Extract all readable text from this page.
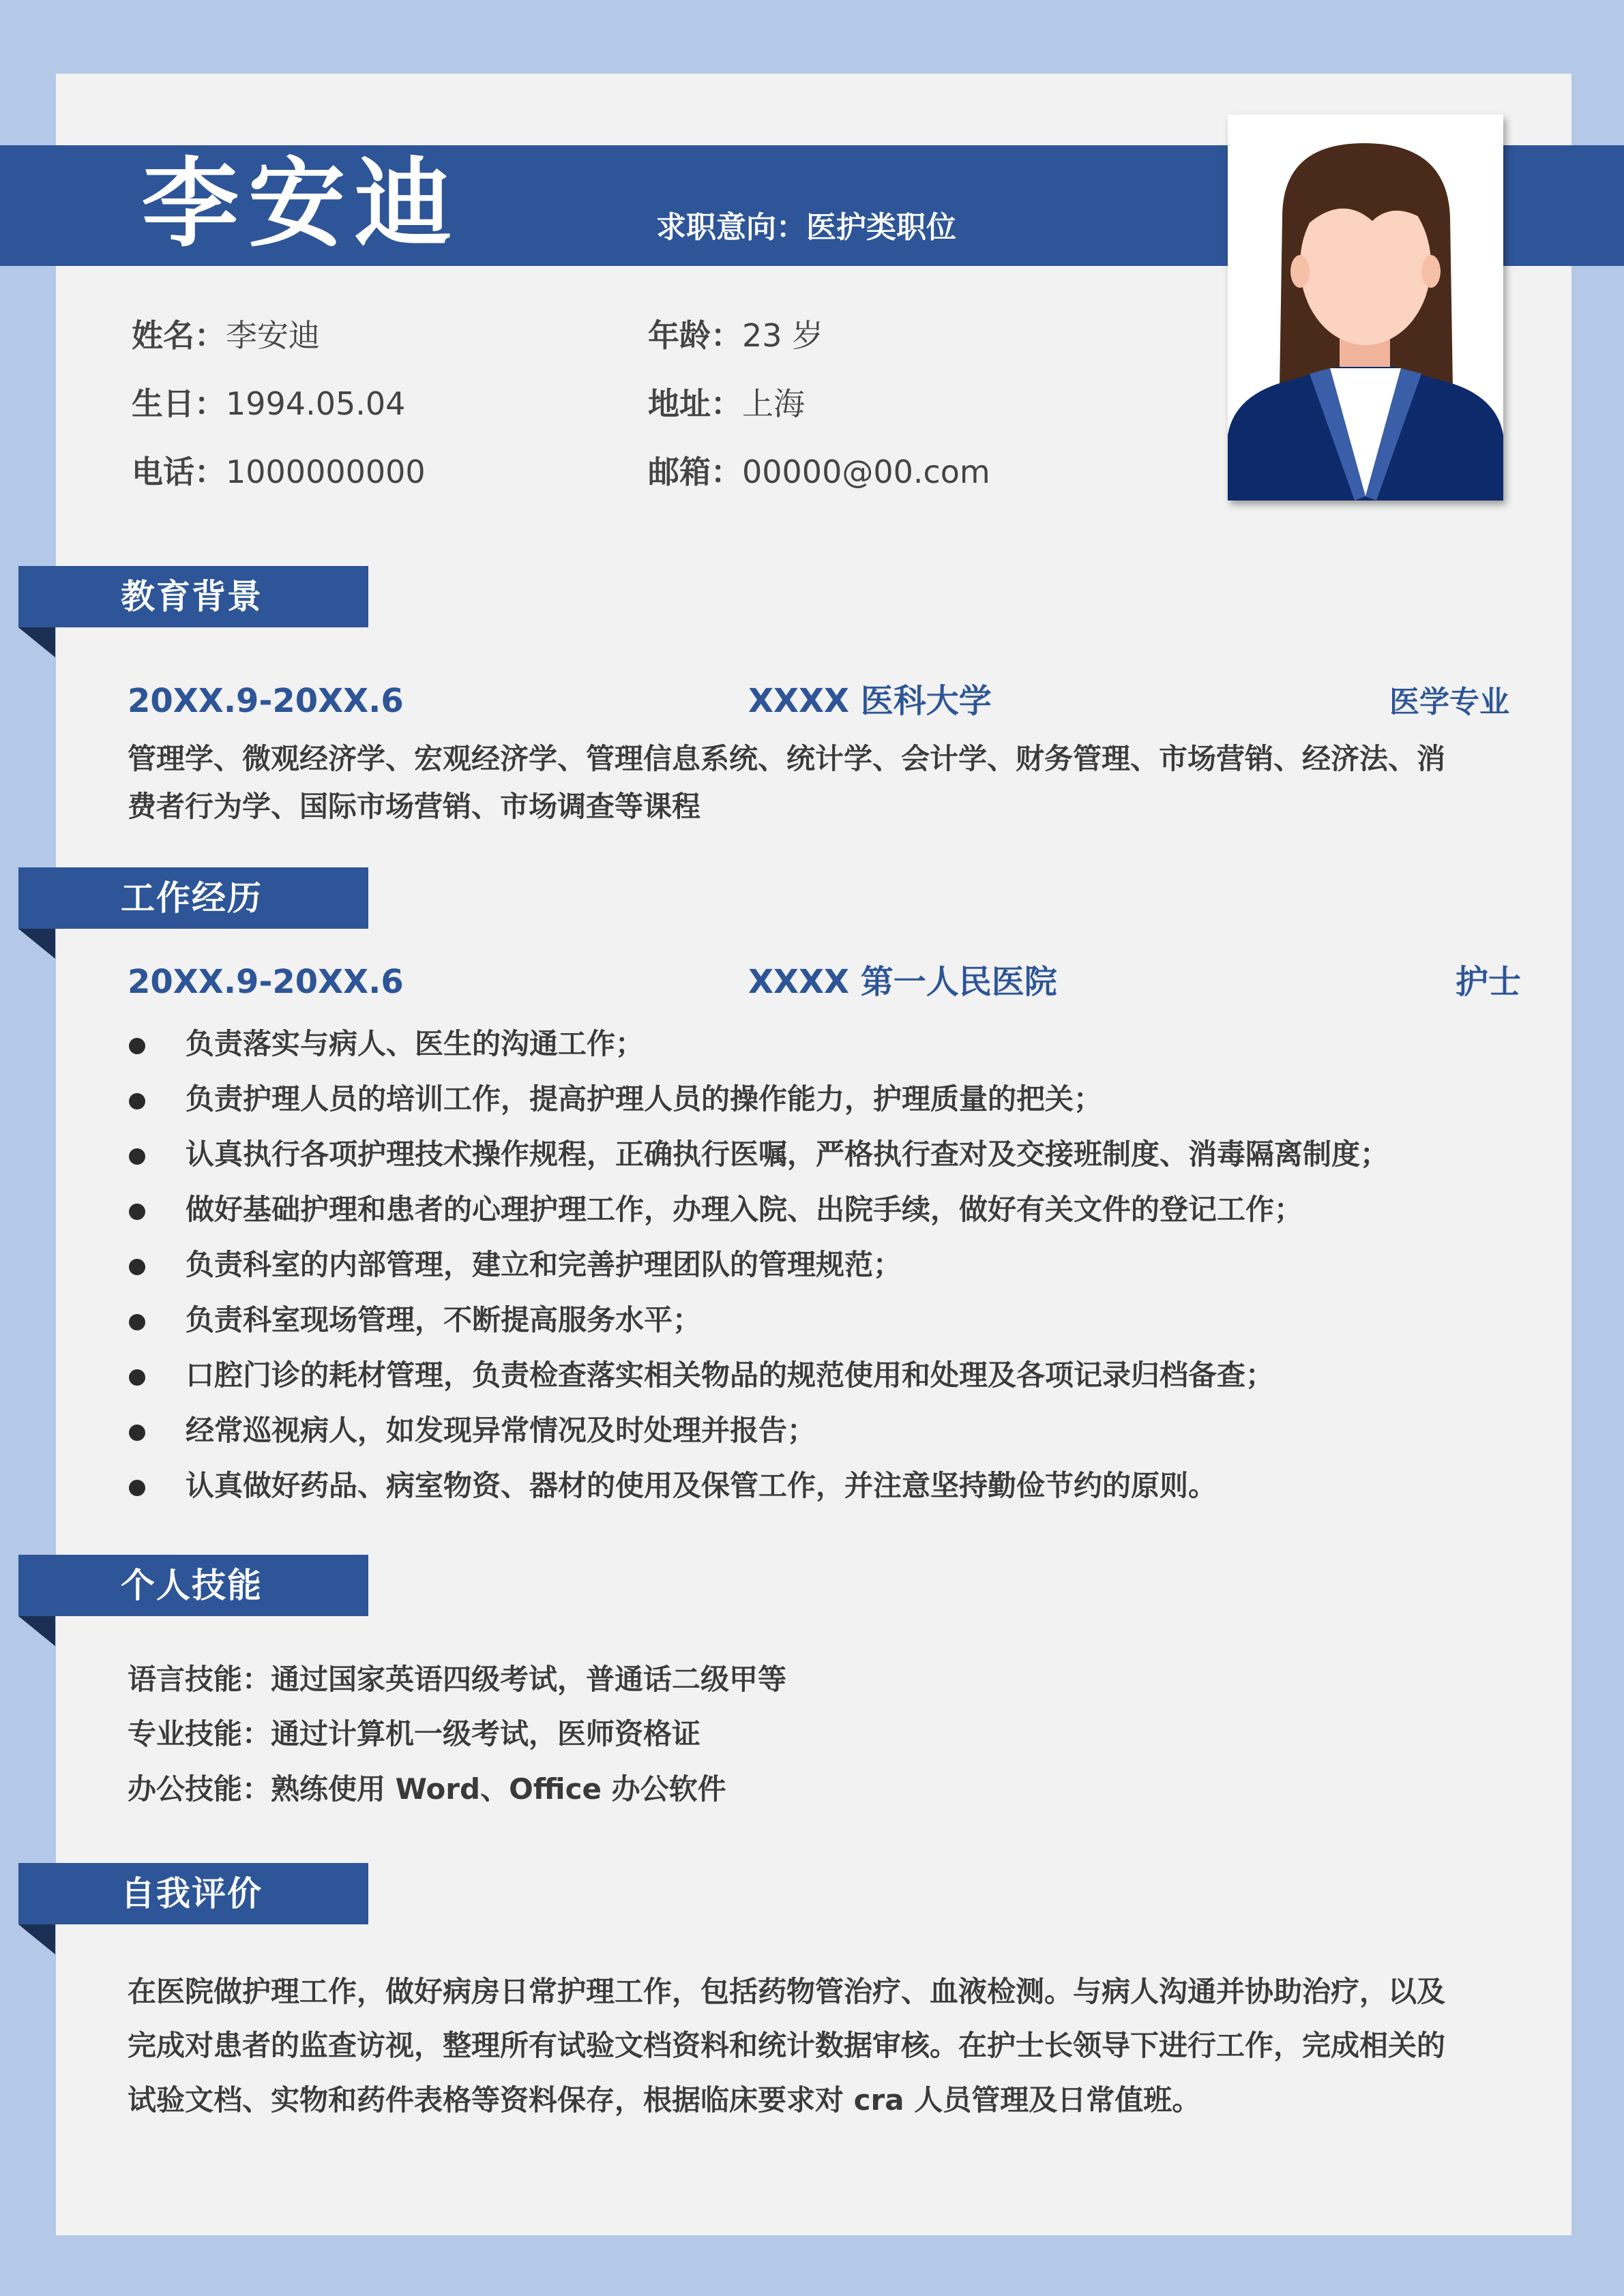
李安迪	求职意向：医护类职位
姓名：李安迪	年龄：23 岁
生日：1994.05.04	地址：上海
电话：1000000000	邮箱：00000@00.com
教育背景
20XX.9-20XX.6	XXXX 医科大学	医学专业
管理学、微观经济学、宏观经济学、管理信息系统、统计学、会计学、财务管理、市场营销、经济法、消
费者行为学、国际市场营销、市场调查等课程
工作经历
20XX.9-20XX.6	XXXX 第一人民医院	护士
负责落实与病人、医生的沟通工作；
负责护理人员的培训工作，提高护理人员的操作能力，护理质量的把关；
认真执行各项护理技术操作规程，正确执行医嘱，严格执行查对及交接班制度、消毒隔离制度；
做好基础护理和患者的心理护理工作，办理入院、出院手续，做好有关文件的登记工作；
负责科室的内部管理，建立和完善护理团队的管理规范；
负责科室现场管理，不断提高服务水平；
口腔门诊的耗材管理，负责检查落实相关物品的规范使用和处理及各项记录归档备查；
经常巡视病人，如发现异常情况及时处理并报告；
认真做好药品、病室物资、器材的使用及保管工作，并注意坚持勤俭节约的原则。
个人技能
语言技能：通过国家英语四级考试，普通话二级甲等
专业技能：通过计算机一级考试，医师资格证
办公技能：熟练使用 Word、Office 办公软件
自我评价
在医院做护理工作，做好病房日常护理工作，包括药物管治疗、血液检测。与病人沟通并协助治疗，以及
完成对患者的监查访视，整理所有试验文档资料和统计数据审核。在护士长领导下进行工作，完成相关的
试验文档、实物和药件表格等资料保存，根据临床要求对 cra 人员管理及日常值班。
